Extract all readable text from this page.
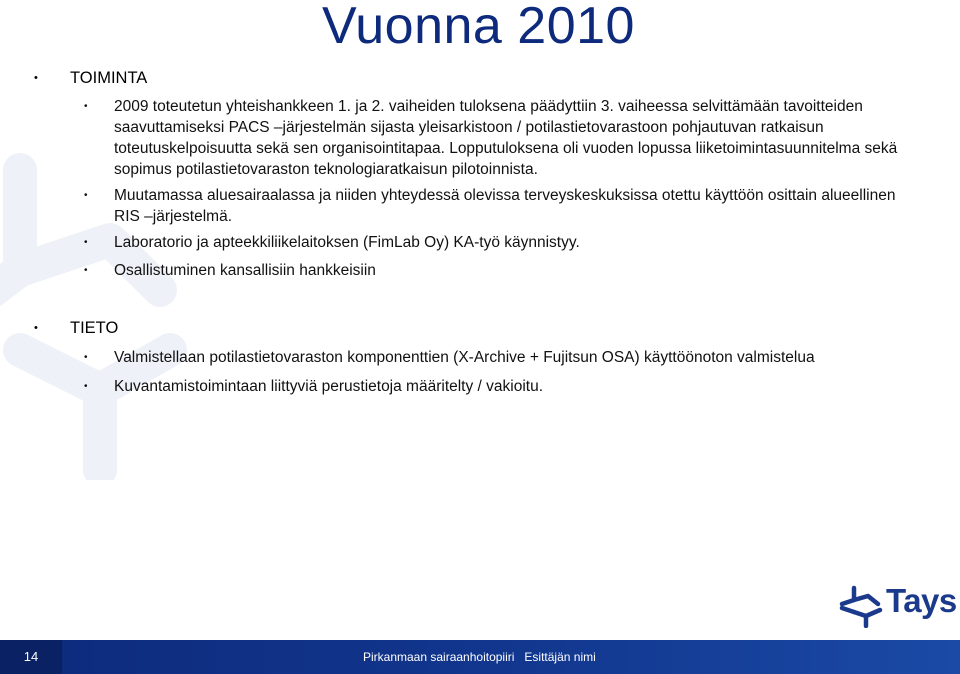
Vuonna 2010
• TOIMINTA
• 2009 toteutetun yhteishankkeen 1. ja 2. vaiheiden tuloksena päädyttiin 3. vaiheessa selvittämään tavoitteiden saavuttamiseksi PACS –järjestelmän sijasta yleisarkistoon / potilastietovarastoon pohjautuvan ratkaisun toteutuskelpoisuutta sekä sen organisointitapaa. Lopputuloksena oli vuoden lopussa liiketoimintasuunnitelma sekä sopimus potilastietovaraston teknologiaratkaisun pilotoinnista.
• Muutamassa aluesairaalassa ja niiden yhteydessä olevissa terveyskeskuksissa otettu käyttöön osittain alueellinen RIS –järjestelmä.
• Laboratorio ja apteekkiliikelaitoksen (FimLab Oy) KA-työ käynnistyy.
• Osallistuminen kansallisiin hankkeisiin
• TIETO
• Valmistellaan potilastietovaraston komponenttien (X-Archive + Fujitsun OSA) käyttöönoton valmistelua
• Kuvantamistoimintaan liittyviä perustietoja määritelty / vakioitu.
Tays
14	Pirkanmaan sairaanhoitopiiri Esittäjän nimi
